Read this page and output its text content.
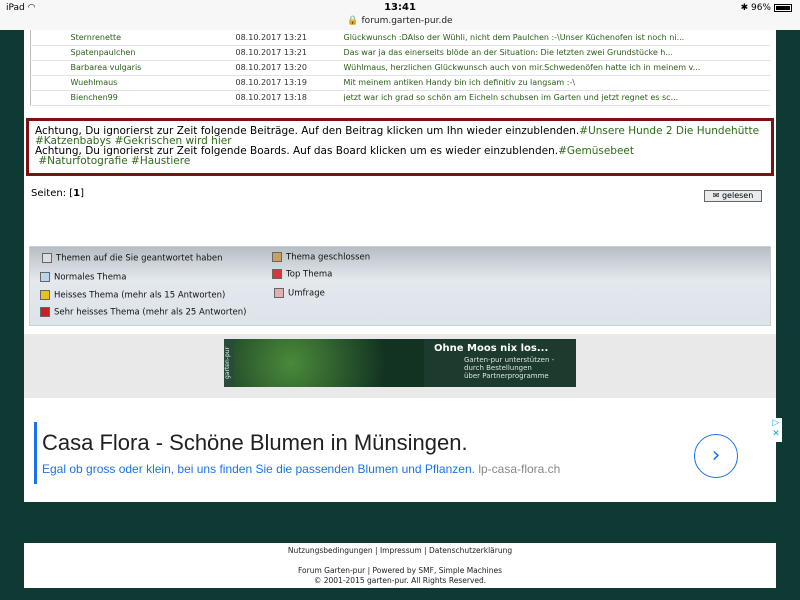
iPad ◠	13:41
🔒 forum.garten-pur.de
✱ 96%
	Sternrenette	08.10.2017 13:21	Glückwunsch :DAlso der Wühli, nicht dem Paulchen :-\Unser Küchenofen ist noch ni...
	Spatenpaulchen	08.10.2017 13:21	Das war ja das einerseits blöde an der Situation: Die letzten zwei Grundstücke h...
	Barbarea vulgaris	08.10.2017 13:20	Wühlmaus, herzlichen Glückwunsch auch von mir.Schwedenöfen hatte ich in meinem v...
	Wuehlmaus	08.10.2017 13:19	Mit meinem antiken Handy bin ich definitiv zu langsam :-\
	Bienchen99	08.10.2017 13:18	jetzt war ich grad so schön am Eicheln schubsen im Garten und jetzt regnet es sc...
Achtung, Du ignorierst zur Zeit folgende Beiträge. Auf den Beitrag klicken um Ihn wieder einzublenden.#Unsere Hunde 2 Die Hundehütte #Katzenbabys #Gekrischen wird hier
Achtung, Du ignorierst zur Zeit folgende Boards. Auf das Board klicken um es wieder einzublenden.#Gemüsebeet
#Naturfotografie #Haustiere
Seiten: [1]	✉ gelesen
Themen auf die Sie geantwortet haben
Normales Thema
Heisses Thema (mehr als 15 Antworten)
Sehr heisses Thema (mehr als 25 Antworten)
Thema geschlossen
Top Thema
Umfrage
garten-pur	Ohne Moos nix los...
Garten-pur unterstützen -
durch Bestellungen
über Partnerprogramme
Casa Flora - Schöne Blumen in Münsingen.
Egal ob gross oder klein, bei uns finden Sie die passenden Blumen und Pflanzen. lp-casa-flora.ch
›
▷
✕
Nutzungsbedingungen | Impressum | Datenschutzerklärung
Forum Garten-pur | Powered by SMF, Simple Machines
© 2001-2015 garten-pur. All Rights Reserved.
